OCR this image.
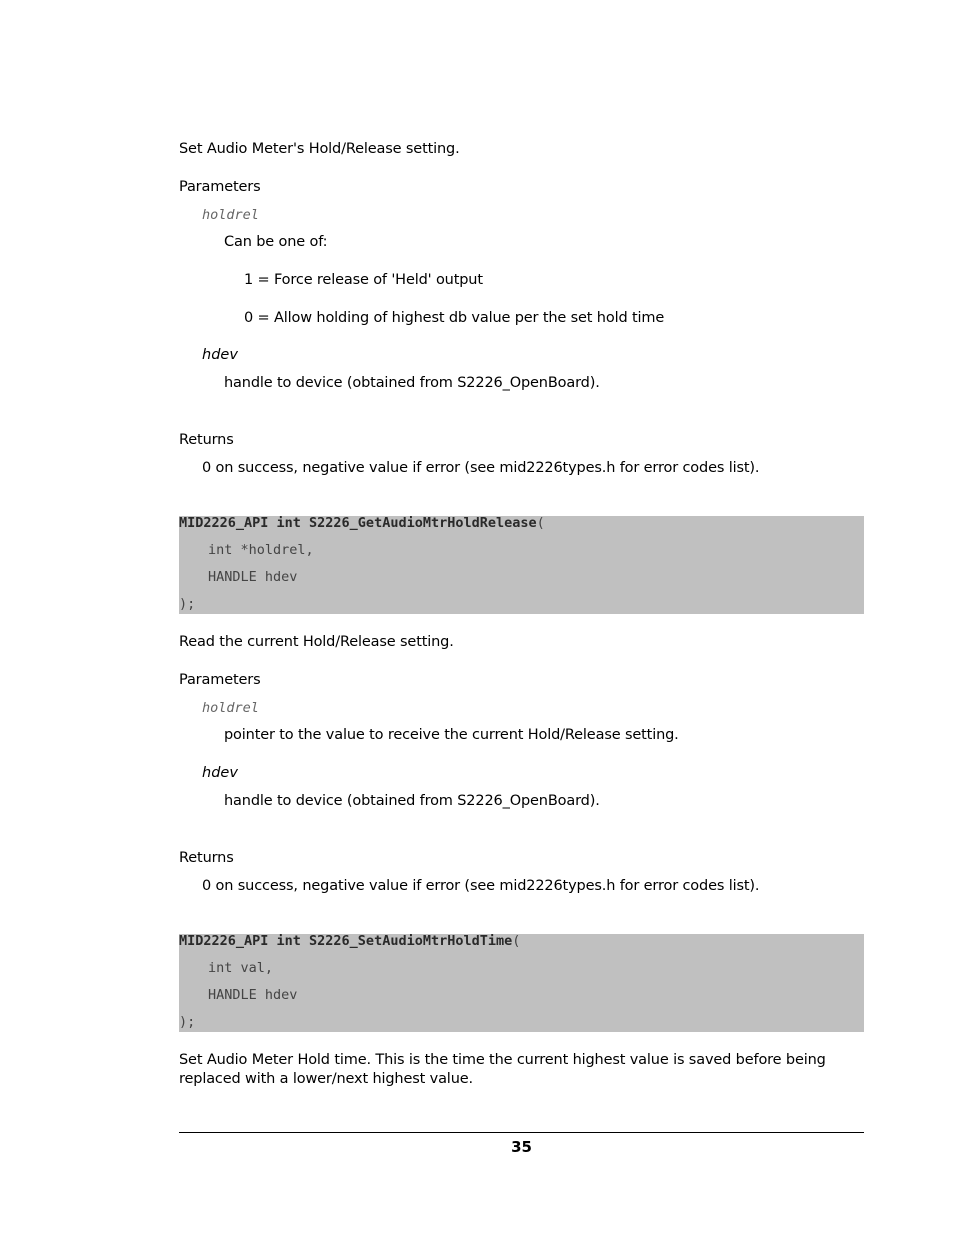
Set Audio Meter's Hold/Release setting.
Parameters
holdrel
Can be one of:
1 = Force release of 'Held' output
0 = Allow holding of highest db value per the set hold time
hdev
handle to device (obtained from S2226_OpenBoard).
Returns
0 on success, negative value if error (see mid2226types.h for error codes list).
MID2226_API int S2226_GetAudioMtrHoldRelease(
int *holdrel,
HANDLE hdev
);
Read the current Hold/Release setting.
Parameters
holdrel
pointer to the value to receive the current Hold/Release setting.
hdev
handle to device (obtained from S2226_OpenBoard).
Returns
0 on success, negative value if error (see mid2226types.h for error codes list).
MID2226_API int S2226_SetAudioMtrHoldTime(
int val,
HANDLE hdev
);
Set Audio Meter Hold time. This is the time the current highest value is saved before being replaced with a lower/next highest value.
35
